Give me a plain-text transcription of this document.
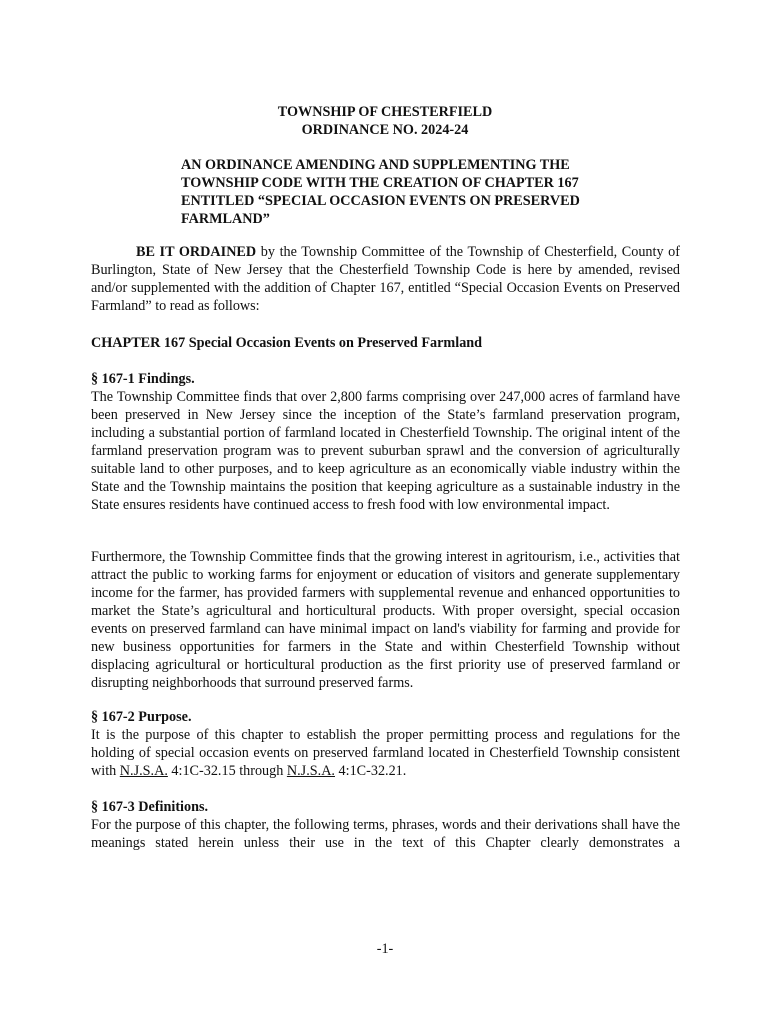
TOWNSHIP OF CHESTERFIELD
ORDINANCE NO. 2024-24
AN ORDINANCE AMENDING AND SUPPLEMENTING THE
TOWNSHIP CODE WITH THE CREATION OF CHAPTER 167
ENTITLED “SPECIAL OCCASION EVENTS ON PRESERVED
FARMLAND”
BE IT ORDAINED by the Township Committee of the Township of Chesterfield, County of Burlington, State of New Jersey that the Chesterfield Township Code is here by amended, revised and/or supplemented with the addition of Chapter 167, entitled “Special Occasion Events on Preserved Farmland” to read as follows:
CHAPTER 167 Special Occasion Events on Preserved Farmland
§ 167-1 Findings.
The Township Committee finds that over 2,800 farms comprising over 247,000 acres of farmland have been preserved in New Jersey since the inception of the State’s farmland preservation program, including a substantial portion of farmland located in Chesterfield Township. The original intent of the farmland preservation program was to prevent suburban sprawl and the conversion of agriculturally suitable land to other purposes, and to keep agriculture as an economically viable industry within the State and the Township maintains the position that keeping agriculture as a sustainable industry in the State ensures residents have continued access to fresh food with low environmental impact.
Furthermore, the Township Committee finds that the growing interest in agritourism, i.e., activities that attract the public to working farms for enjoyment or education of visitors and generate supplementary income for the farmer, has provided farmers with supplemental revenue and enhanced opportunities to market the State’s agricultural and horticultural products. With proper oversight, special occasion events on preserved farmland can have minimal impact on land's viability for farming and provide for new business opportunities for farmers in the State and within Chesterfield Township without displacing agricultural or horticultural production as the first priority use of preserved farmland or disrupting neighborhoods that surround preserved farms.
§ 167-2 Purpose.
It is the purpose of this chapter to establish the proper permitting process and regulations for the holding of special occasion events on preserved farmland located in Chesterfield Township consistent with N.J.S.A. 4:1C-32.15 through N.J.S.A. 4:1C-32.21.
§ 167-3 Definitions.
For the purpose of this chapter, the following terms, phrases, words and their derivations shall have the meanings stated herein unless their use in the text of this Chapter clearly demonstrates a
-1-
